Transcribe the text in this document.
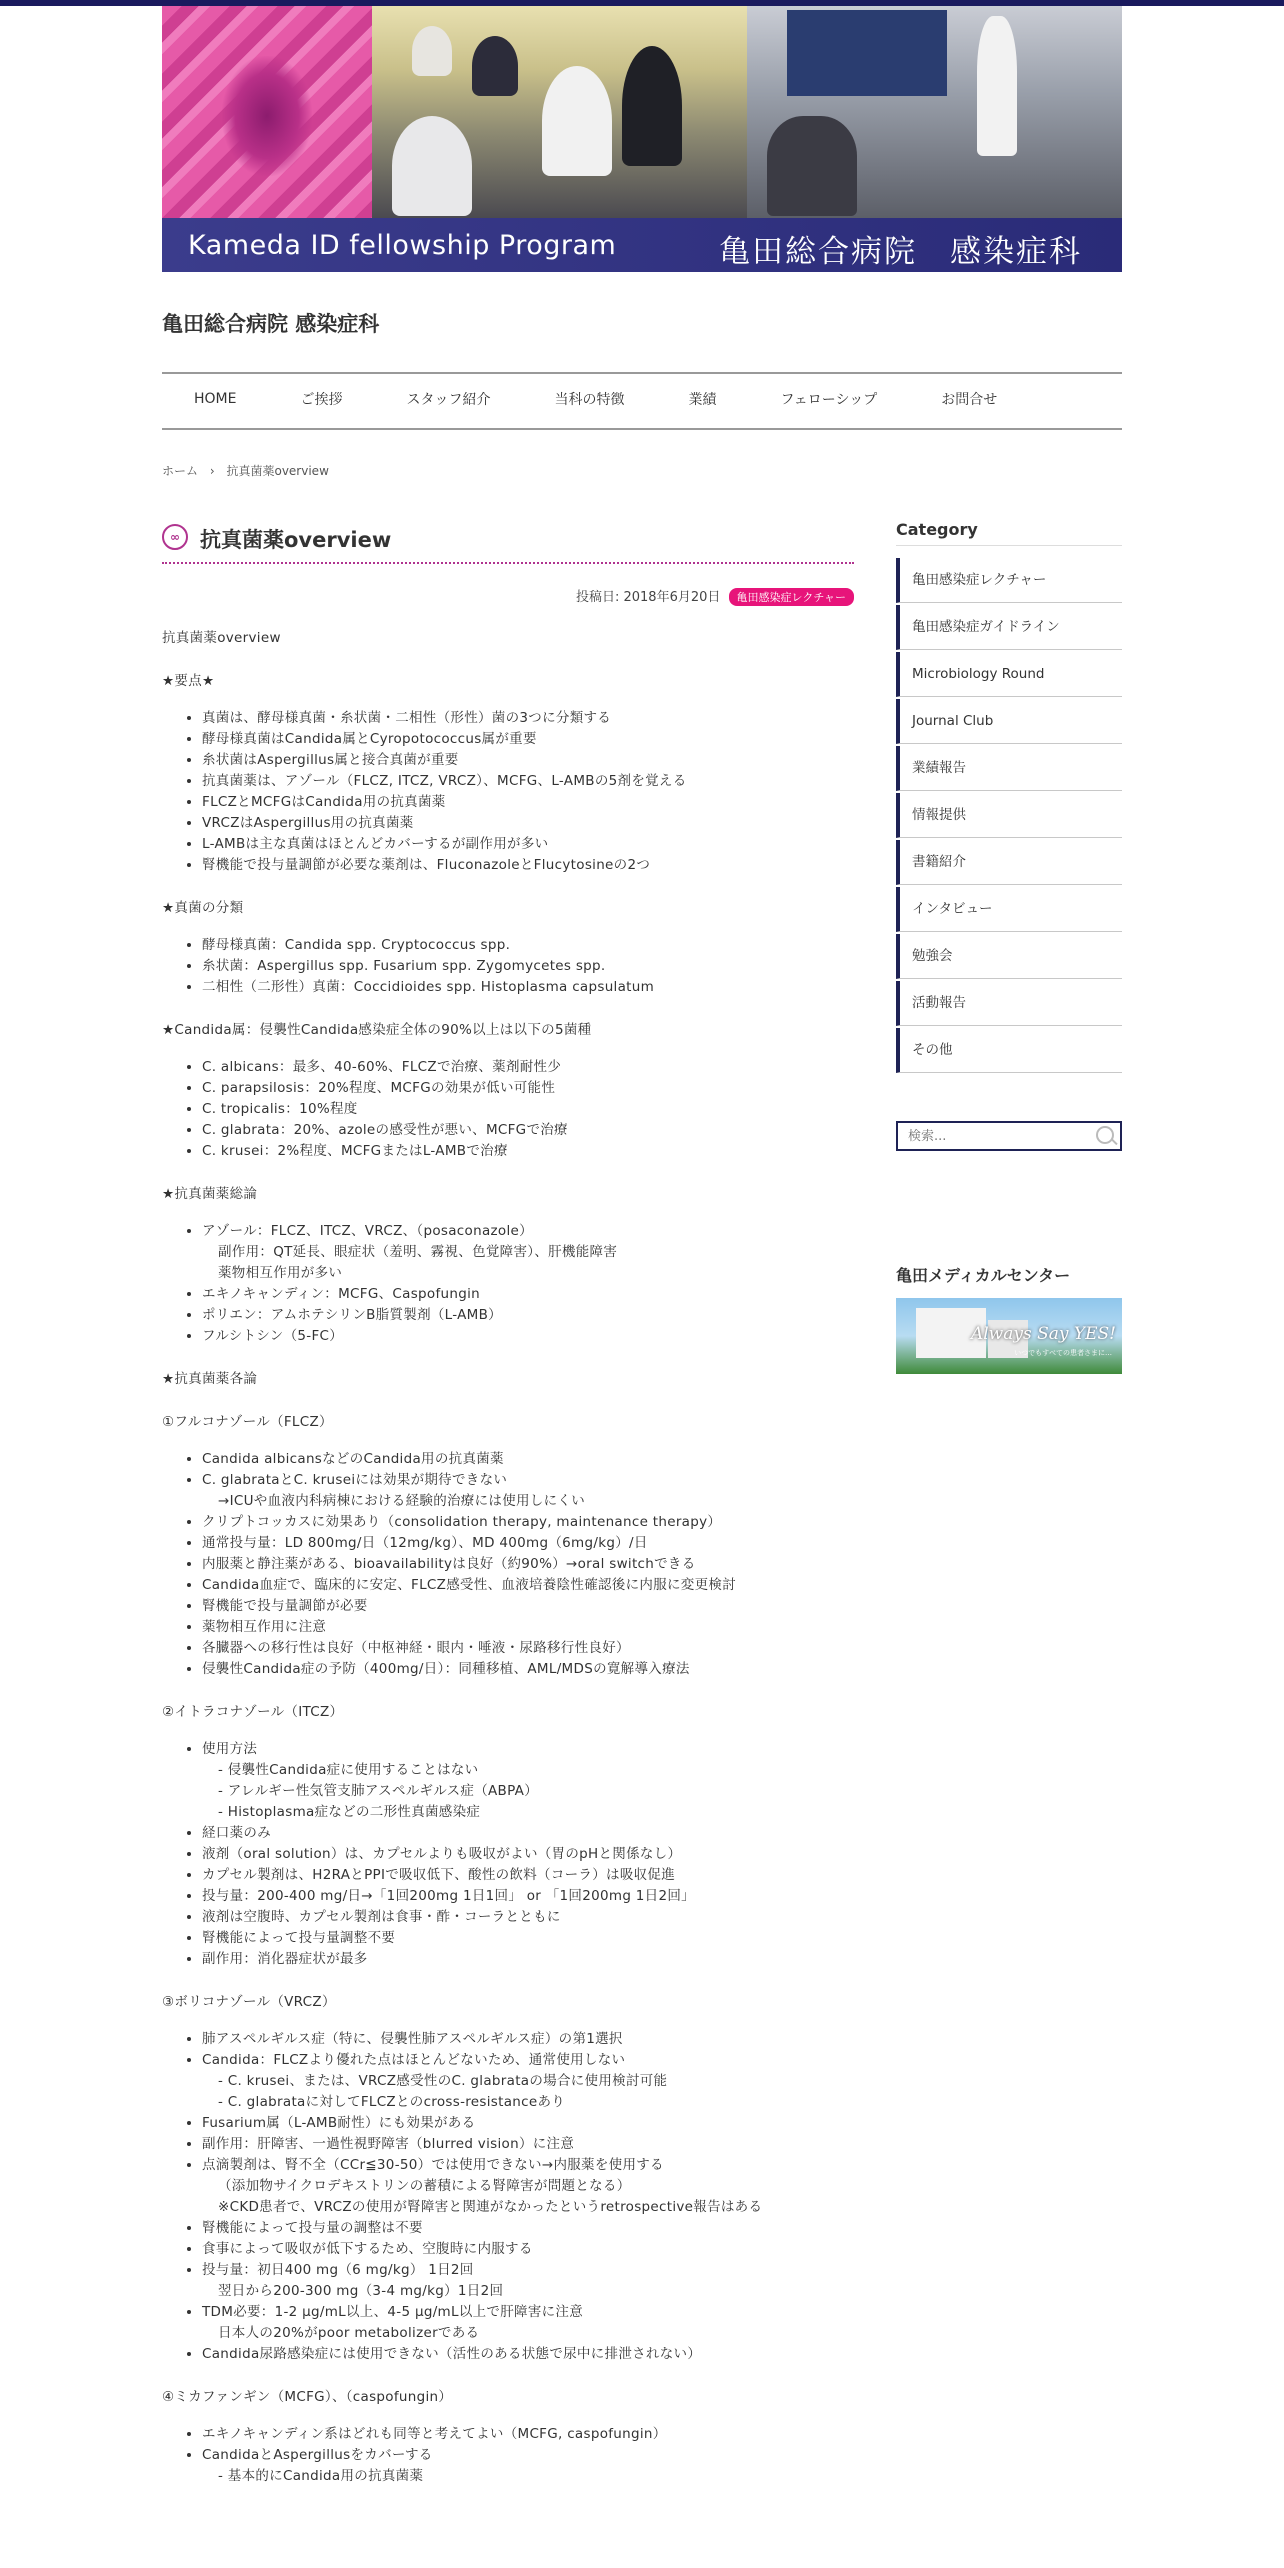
Kameda ID fellowship Program	亀田総合病院　感染症科
亀田総合病院 感染症科
HOME	ご挨拶	スタッフ紹介	当科の特徴	業績	フェローシップ	お問合せ
ホーム › 抗真菌薬overview
∞ 抗真菌薬overview
投稿日: 2018年6月20日 亀田感染症レクチャー

抗真菌薬overview

★要点★

• 真菌は、酵母様真菌・糸状菌・二相性（形性）菌の3つに分類する
• 酵母様真菌はCandida属とCyropotococcus属が重要
• 糸状菌はAspergillus属と接合真菌が重要
• 抗真菌薬は、アゾール（FLCZ, ITCZ, VRCZ）、MCFG、L-AMBの5剤を覚える
• FLCZとMCFGはCandida用の抗真菌薬
• VRCZはAspergillus用の抗真菌薬
• L-AMBは主な真菌はほとんどカバーするが副作用が多い
• 腎機能で投与量調節が必要な薬剤は、FluconazoleとFlucytosineの2つ

★真菌の分類

• 酵母様真菌：Candida spp. Cryptococcus spp.
• 糸状菌：Aspergillus spp. Fusarium spp. Zygomycetes spp.
• 二相性（二形性）真菌：Coccidioides spp. Histoplasma capsulatum

★Candida属：侵襲性Candida感染症全体の90%以上は以下の5菌種

• C. albicans：最多、40-60%、FLCZで治療、薬剤耐性少
• C. parapsilosis：20%程度、MCFGの効果が低い可能性
• C. tropicalis：10%程度
• C. glabrata：20%、azoleの感受性が悪い、MCFGで治療
• C. krusei：2%程度、MCFGまたはL-AMBで治療

★抗真菌薬総論

• アゾール：FLCZ、ITCZ、VRCZ、（posaconazole）
副作用：QT延長、眼症状（羞明、霧視、色覚障害）、肝機能障害
薬物相互作用が多い
• エキノキャンディン：MCFG、Caspofungin
• ポリエン：アムホテシリンB脂質製剤（L-AMB）
• フルシトシン（5-FC）

★抗真菌薬各論

①フルコナゾール（FLCZ）

• Candida albicansなどのCandida用の抗真菌薬
• C. glabrataとC. kruseiには効果が期待できない
→ICUや血液内科病棟における経験的治療には使用しにくい
• クリプトコッカスに効果あり（consolidation therapy, maintenance therapy）
• 通常投与量：LD 800mg/日（12mg/kg）、MD 400mg（6mg/kg）/日
• 内服薬と静注薬がある、bioavailabilityは良好（約90%）→oral switchできる
• Candida血症で、臨床的に安定、FLCZ感受性、血液培養陰性確認後に内服に変更検討
• 腎機能で投与量調節が必要
• 薬物相互作用に注意
• 各臓器への移行性は良好（中枢神経・眼内・唾液・尿路移行性良好）
• 侵襲性Candida症の予防（400mg/日）：同種移植、AML/MDSの寛解導入療法

②イトラコナゾール（ITCZ）

• 使用方法
- 侵襲性Candida症に使用することはない
- アレルギー性気管支肺アスペルギルス症（ABPA）
- Histoplasma症などの二形性真菌感染症
• 経口薬のみ
• 液剤（oral solution）は、カプセルよりも吸収がよい（胃のpHと関係なし）
• カプセル製剤は、H2RAとPPIで吸収低下、酸性の飲料（コーラ）は吸収促進
• 投与量：200-400 mg/日→「1回200mg 1日1回」 or 「1回200mg 1日2回」
• 液剤は空腹時、カプセル製剤は食事・酢・コーラとともに
• 腎機能によって投与量調整不要
• 副作用：消化器症状が最多

③ボリコナゾール（VRCZ）

• 肺アスペルギルス症（特に、侵襲性肺アスペルギルス症）の第1選択
• Candida：FLCZより優れた点はほとんどないため、通常使用しない
- C. krusei、または、VRCZ感受性のC. glabrataの場合に使用検討可能
- C. glabrataに対してFLCZとのcross-resistanceあり
• Fusarium属（L-AMB耐性）にも効果がある
• 副作用：肝障害、一過性視野障害（blurred vision）に注意
• 点滴製剤は、腎不全（CCr≦30-50）では使用できない→内服薬を使用する
（添加物サイクロデキストリンの蓄積による腎障害が問題となる）
※CKD患者で、VRCZの使用が腎障害と関連がなかったというretrospective報告はある
• 腎機能によって投与量の調整は不要
• 食事によって吸収が低下するため、空腹時に内服する
• 投与量：初日400 mg（6 mg/kg） 1日2回
翌日から200-300 mg（3-4 mg/kg）1日2回
• TDM必要：1-2 μg/mL以上、4-5 μg/mL以上で肝障害に注意
日本人の20%がpoor metabolizerである
• Candida尿路感染症には使用できない（活性のある状態で尿中に排泄されない）

④ミカファンギン（MCFG）、（caspofungin）

• エキノキャンディン系はどれも同等と考えてよい（MCFG, caspofungin）
• CandidaとAspergillusをカバーする
- 基本的にCandida用の抗真菌薬
Category
亀田感染症レクチャー
亀田感染症ガイドライン
Microbiology Round
Journal Club
業績報告
情報提供
書籍紹介
インタビュー
勉強会
活動報告
その他
検索...
亀田メディカルセンター
Always Say YES!
いつでもすべての患者さまに…
